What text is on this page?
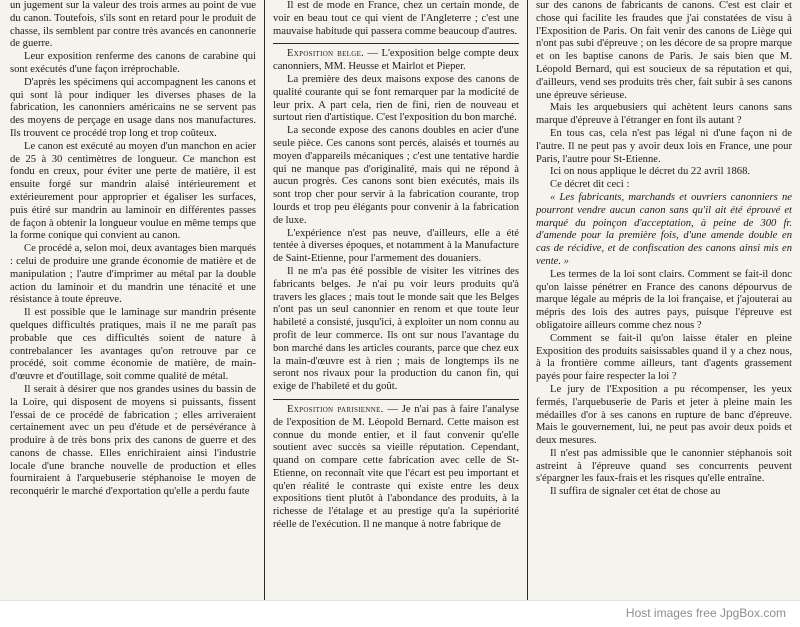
un jugement sur la valeur des trois armes au point de vue du canon. Toutefois, s'ils sont en retard pour le produit de chasse, ils semblent par contre très avancés en canonnerie de guerre.

Leur exposition renferme des canons de carabine qui sont exécutés d'une façon irréprochable.

D'après les spécimens qui accompagnent les canons et qui sont là pour indiquer les diverses phases de la fabrication, les canonniers américains ne se servent pas des moyens de perçage en usage dans nos manufactures. Ils trouvent ce procédé trop long et trop coûteux.

Le canon est exécuté au moyen d'un manchon en acier de 25 à 30 centimètres de longueur. Ce manchon est fondu en creux, pour éviter une perte de matière, il est ensuite forgé sur mandrin alaisé intérieurement et extérieurement pour approprier et égaliser les surfaces, puis étiré sur mandrin au laminoir en différentes passes de façon à obtenir la longueur voulue en même temps que la forme conique qui convient au canon.

Ce procédé a, selon moi, deux avantages bien marqués : celui de produire une grande économie de matière et de manipulation ; l'autre d'imprimer au métal par la double action du laminoir et du mandrin une ténacité et une résistance à toute épreuve.

Il est possible que le laminage sur mandrin présente quelques difficultés pratiques, mais il ne me paraît pas probable que ces difficultés soient de nature à contrebalancer les avantages qu'on retrouve par ce procédé, soit comme économie de matière, de main-d'œuvre et d'outillage, soit comme qualité de métal.

Il serait à désirer que nos grandes usines du bassin de la Loire, qui disposent de moyens si puissants, fissent l'essai de ce procédé de fabrication ; elles arriveraient certainement avec un peu d'étude et de persévérance à produire à de très bons prix des canons de guerre et des canons de chasse. Elles enrichiraient ainsi l'industrie locale d'une branche nouvelle de production et elles fourniraient à l'arquebuserie stéphanoise le moyen de reconquérir le marché d'exportation qu'elle a perdu faute

Il est de mode en France, chez un certain monde, de voir en beau tout ce qui vient de l'Angleterre ; c'est une mauvaise habitude qui passera comme beaucoup d'autres.

Exposition belge. — L'exposition belge compte deux canonniers, MM. Heusse et Mairlot et Pieper.

La première des deux maisons expose des canons de qualité courante qui se font remarquer par la modicité de leur prix. A part cela, rien de fini, rien de nouveau et surtout rien d'artistique. C'est l'exposition du bon marché.

La seconde expose des canons doubles en acier d'une seule pièce. Ces canons sont percés, alaisés et tournés au moyen d'appareils mécaniques ; c'est une tentative hardie qui ne manque pas d'originalité, mais qui ne répond à aucun progrès. Ces canons sont bien exécutés, mais ils sont trop cher pour servir à la fabrication courante, trop lourds et trop peu élégants pour convenir à la fabrication de luxe.

L'expérience n'est pas neuve, d'ailleurs, elle a été tentée à diverses époques, et notamment à la Manufacture de Saint-Etienne, pour l'armement des douaniers.

Il ne m'a pas été possible de visiter les vitrines des fabricants belges. Je n'ai pu voir leurs produits qu'à travers les glaces ; mais tout le monde sait que les Belges n'ont pas un seul canonnier en renom et que toute leur habileté a consisté, jusqu'ici, à exploiter un nom connu au profit de leur commerce. Ils ont sur nous l'avantage du bon marché dans les articles courants, parce que chez eux la main-d'œuvre est à rien ; mais de longtemps ils ne seront nos rivaux pour la production du canon fin, qui exige de l'habileté et du goût.

Exposition parisienne. — Je n'ai pas à faire l'analyse de l'exposition de M. Léopold Bernard. Cette maison est connue du monde entier, et il faut convenir qu'elle soutient avec succès sa vieille réputation. Cependant, quand on compare cette fabrication avec celle de St-Etienne, on reconnaît vite que l'écart est peu important et qu'en réalité le contraste qui existe entre les deux expositions tient plutôt à l'abondance des produits, à la richesse de l'étalage et au prestige qu'a la supériorité réelle de l'exécution. Il ne manque à notre fabrique de

sur des canons de fabricants de canons. C'est est clair et chose qui facilite les fraudes que j'ai constatées de visu à l'Exposition de Paris. On fait venir des canons de Liège qui n'ont pas subi d'épreuve ; on les décore de sa propre marque et on les baptise canons de Paris. Je sais bien que M. Léopold Bernard, qui est soucieux de sa réputation et qui, d'ailleurs, vend ses produits très cher, fait subir à ses canons une épreuve sérieuse.

Mais les arquebusiers qui achètent leurs canons sans marque d'épreuve à l'étranger en font ils autant ?

En tous cas, cela n'est pas légal ni d'une façon ni de l'autre. Il ne peut pas y avoir deux lois en France, une pour Paris, l'autre pour St-Etienne.

Ici on nous applique le décret du 22 avril 1868.

Ce décret dit ceci :

« Les fabricants, marchands et ouvriers canonniers ne pourront vendre aucun canon sans qu'il ait été éprouvé et marqué du poinçon d'acceptation, à peine de 300 fr. d'amende pour la première fois, d'une amende double en cas de récidive, et de confiscation des canons ainsi mis en vente. »

Les termes de la loi sont clairs. Comment se fait-il donc qu'on laisse pénétrer en France des canons dépourvus de marque légale au mépris de la loi française, et j'ajouterai au mépris des lois des autres pays, puisque l'épreuve est obligatoire ailleurs comme chez nous ?

Comment se fait-il qu'on laisse étaler en pleine Exposition des produits saisissables quand il y a chez nous, à la frontière comme ailleurs, tant d'agents grassement payés pour faire respecter la loi ?

Le jury de l'Exposition a pu récompenser, les yeux fermés, l'arquebuserie de Paris et jeter à pleine main les médailles d'or à ses canons en rupture de banc d'épreuve. Mais le gouvernement, lui, ne peut pas avoir deux poids et deux mesures.

Il n'est pas admissible que le canonnier stéphanois soit astreint à l'épreuve quand ses concurrents peuvent s'épargner les faux-frais et les risques qu'elle entraîne.

Il suffira de signaler cet état de chose au

Host images free JpgBox.com
